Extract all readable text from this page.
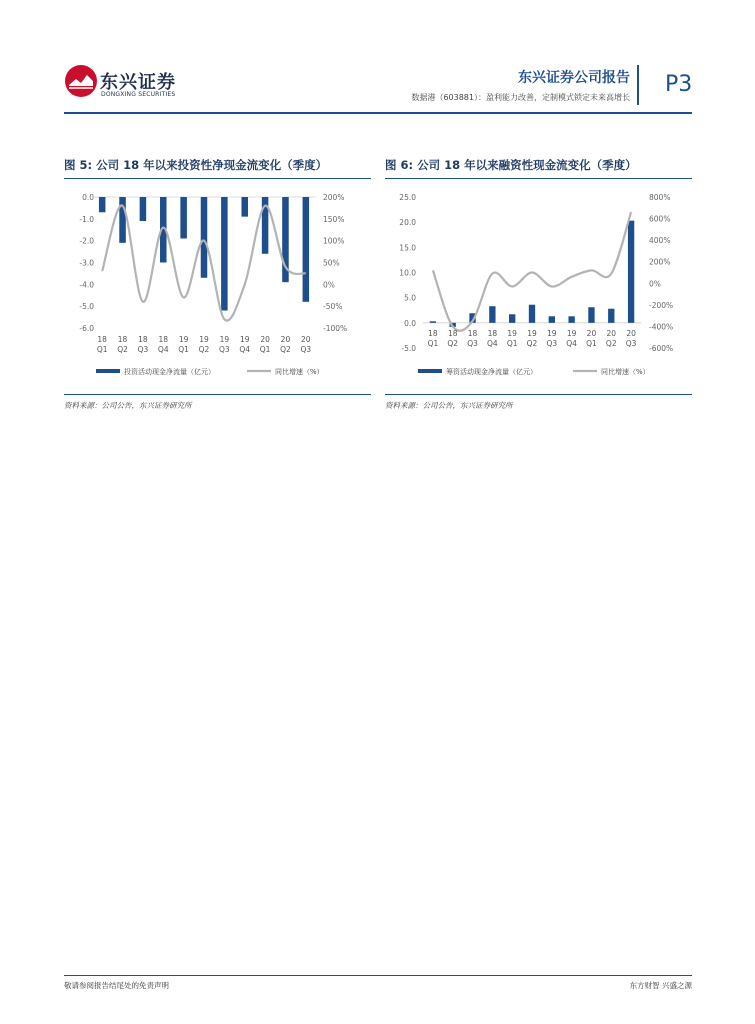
东兴证券
DONGXING SECURITIES
东兴证券公司报告
数据港（603881）：盈利能力改善，定制模式锁定未来高增长
P3
图 5: 公司 18 年以来投资性净现金流变化（季度）
0.0
-1.0
-2.0
-3.0
-4.0
-5.0
-6.0
200%
150%
100%
50%
0%
-50%
-100%
18 18 18 18 19 19 19 19 20 20 20
Q1 Q2 Q3 Q4 Q1 Q2 Q3 Q4 Q1 Q2 Q3
投资活动现金净流量（亿元）	同比增速（%）
资料来源：公司公告，东兴证券研究所
图 6: 公司 18 年以来融资性现金流变化（季度）
25.0
20.0
15.0
10.0
5.0
0.0
-5.0
800%
600%
400%
200%
0%
-200%
-400%
-600%
18 18 18 18 19 19 19 19 20 20 20
Q1 Q2 Q3 Q4 Q1 Q2 Q3 Q4 Q1 Q2 Q3
筹资活动现金净流量（亿元）	同比增速（%）
资料来源：公司公告，东兴证券研究所
敬请参阅报告结尾处的免责声明	东方财智 兴盛之源
